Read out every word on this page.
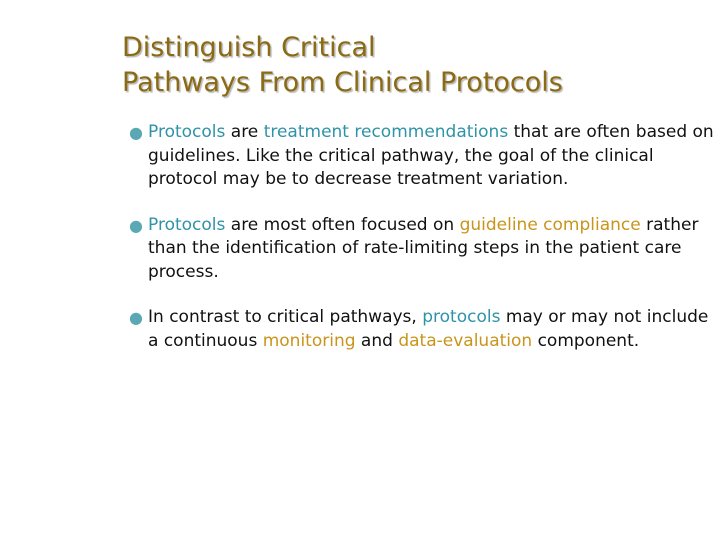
Distinguish Critical
Pathways From Clinical Protocols
● Protocols are treatment recommendations that are often based on guidelines. Like the critical pathway, the goal of the clinical protocol may be to decrease treatment variation.
● Protocols are most often focused on guideline compliance rather than the identification of rate-limiting steps in the patient care process.
● In contrast to critical pathways, protocols may or may not include a continuous monitoring and data-evaluation component.
